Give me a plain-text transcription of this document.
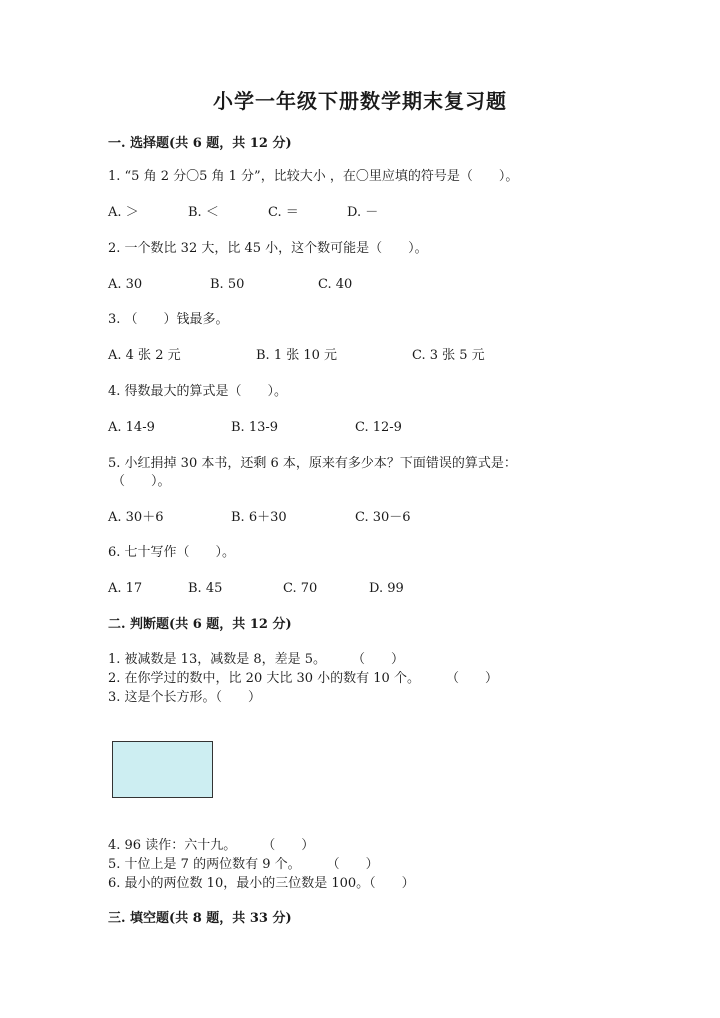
小学一年级下册数学期末复习题
一. 选择题(共 6 题，共 12 分)
1. “5 角 2 分〇5 角 1 分”，比较大小 ，在〇里应填的符号是（　　）。
A. ＞	B. ＜	C. ＝	D. －
2. 一个数比 32 大，比 45 小，这个数可能是（　　）。
A. 30	B. 50	C. 40
3. （　　）钱最多。
A. 4 张 2 元	B. 1 张 10 元	C. 3 张 5 元
4. 得数最大的算式是（　　）。
A. 14-9	B. 13-9	C. 12-9
5. 小红捐掉 30 本书，还剩 6 本，原来有多少本？下面错误的算式是：
（　　）。
A. 30＋6	B. 6＋30	C. 30－6
6. 七十写作（　　）。
A. 17	B. 45	C. 70	D. 99
二. 判断题(共 6 题，共 12 分)
1. 被减数是 13，减数是 8，差是 5。　　　（　　）
2. 在你学过的数中，比 20 大比 30 小的数有 10 个。　　　（　　）
3. 这是个长方形。（　　）
4. 96 读作：六十九。　　　（　　）
5. 十位上是 7 的两位数有 9 个。　　　（　　）
6. 最小的两位数 10，最小的三位数是 100。（　　）
三. 填空题(共 8 题，共 33 分)
